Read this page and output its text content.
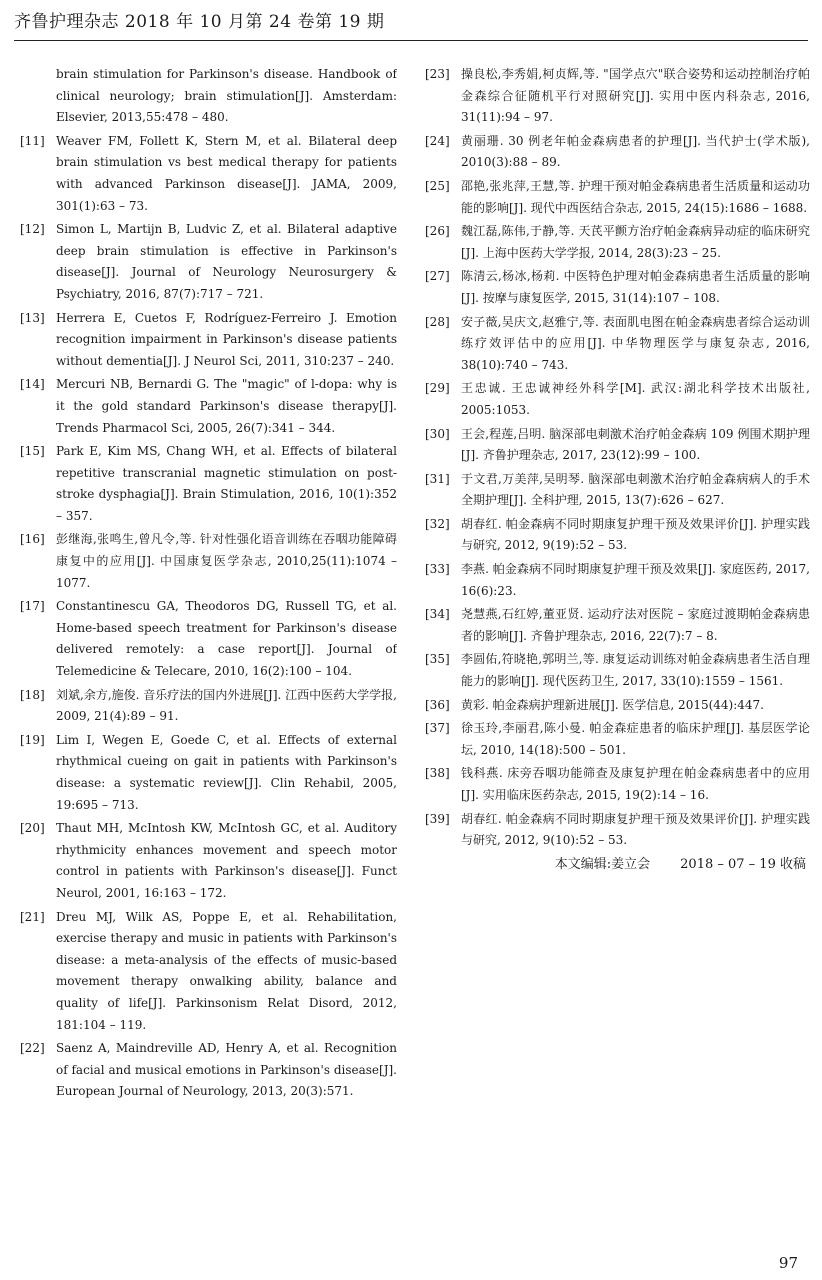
齐鲁护理杂志 2018 年 10 月第 24 卷第 19 期
brain stimulation for Parkinson's disease. Handbook of clinical neurology; brain stimulation[J]. Amsterdam: Elsevier, 2013,55:478 – 480.
[11] Weaver FM, Follett K, Stern M, et al. Bilateral deep brain stimulation vs best medical therapy for patients with advanced Parkinson disease[J]. JAMA, 2009, 301(1):63 – 73.
[12] Simon L, Martijn B, Ludvic Z, et al. Bilateral adaptive deep brain stimulation is effective in Parkinson's disease[J]. Journal of Neurology Neurosurgery & Psychiatry, 2016, 87(7):717 – 721.
[13] Herrera E, Cuetos F, Rodríguez-Ferreiro J. Emotion recognition impairment in Parkinson's disease patients without dementia[J]. J Neurol Sci, 2011, 310:237 – 240.
[14] Mercuri NB, Bernardi G. The "magic" of l-dopa: why is it the gold standard Parkinson's disease therapy[J]. Trends Pharmacol Sci, 2005, 26(7):341 – 344.
[15] Park E, Kim MS, Chang WH, et al. Effects of bilateral repetitive transcranial magnetic stimulation on post-stroke dysphagia[J]. Brain Stimulation, 2016, 10(1):352 – 357.
[16] 彭继海,张鸣生,曾凡令,等. 针对性强化语音训练在吞咽功能障碍康复中的应用[J]. 中国康复医学杂志, 2010,25(11):1074 – 1077.
[17] Constantinescu GA, Theodoros DG, Russell TG, et al. Home-based speech treatment for Parkinson's disease delivered remotely: a case report[J]. Journal of Telemedicine & Telecare, 2010, 16(2):100 – 104.
[18] 刘斌,余方,施俊. 音乐疗法的国内外进展[J]. 江西中医药大学学报, 2009, 21(4):89 – 91.
[19] Lim I, Wegen E, Goede C, et al. Effects of external rhythmical cueing on gait in patients with Parkinson's disease: a systematic review[J]. Clin Rehabil, 2005, 19:695 – 713.
[20] Thaut MH, McIntosh KW, McIntosh GC, et al. Auditory rhythmicity enhances movement and speech motor control in patients with Parkinson's disease[J]. Funct Neurol, 2001, 16:163 – 172.
[21] Dreu MJ, Wilk AS, Poppe E, et al. Rehabilitation, exercise therapy and music in patients with Parkinson's disease: a meta-analysis of the effects of music-based movement therapy onwalking ability, balance and quality of life[J]. Parkinsonism Relat Disord, 2012, 181:104 – 119.
[22] Saenz A, Maindreville AD, Henry A, et al. Recognition of facial and musical emotions in Parkinson's disease[J]. European Journal of Neurology, 2013, 20(3):571.
[23] 操良松,李秀娟,柯贞辉,等. "国学点穴"联合姿势和运动控制治疗帕金森综合征随机平行对照研究[J]. 实用中医内科杂志, 2016, 31(11):94 – 97.
[24] 黄丽珊. 30 例老年帕金森病患者的护理[J]. 当代护士(学术版), 2010(3):88 – 89.
[25] 邵艳,张兆萍,王慧,等. 护理干预对帕金森病患者生活质量和运动功能的影响[J]. 现代中西医结合杂志, 2015, 24(15):1686 – 1688.
[26] 魏江磊,陈伟,于静,等. 天芪平颤方治疗帕金森病异动症的临床研究[J]. 上海中医药大学学报, 2014, 28(3):23 – 25.
[27] 陈清云,杨冰,杨莉. 中医特色护理对帕金森病患者生活质量的影响[J]. 按摩与康复医学, 2015, 31(14):107 – 108.
[28] 安子薇,吴庆文,赵雅宁,等. 表面肌电图在帕金森病患者综合运动训练疗效评估中的应用[J]. 中华物理医学与康复杂志, 2016, 38(10):740 – 743.
[29] 王忠诚. 王忠诚神经外科学[M]. 武汉:湖北科学技术出版社, 2005:1053.
[30] 王会,程莲,吕明. 脑深部电刺激术治疗帕金森病 109 例围术期护理[J]. 齐鲁护理杂志, 2017, 23(12):99 – 100.
[31] 于文君,万美萍,吴明琴. 脑深部电刺激术治疗帕金森病病人的手术全期护理[J]. 全科护理, 2015, 13(7):626 – 627.
[32] 胡春红. 帕金森病不同时期康复护理干预及效果评价[J]. 护理实践与研究, 2012, 9(19):52 – 53.
[33] 李燕. 帕金森病不同时期康复护理干预及效果[J]. 家庭医药, 2017, 16(6):23.
[34] 尧慧燕,石红婷,董亚贤. 运动疗法对医院 – 家庭过渡期帕金森病患者的影响[J]. 齐鲁护理杂志, 2016, 22(7):7 – 8.
[35] 李圆佑,符晓艳,郭明兰,等. 康复运动训练对帕金森病患者生活自理能力的影响[J]. 现代医药卫生, 2017, 33(10):1559 – 1561.
[36] 黄彩. 帕金森病护理新进展[J]. 医学信息, 2015(44):447.
[37] 徐玉玲,李丽君,陈小曼. 帕金森症患者的临床护理[J]. 基层医学论坛, 2010, 14(18):500 – 501.
[38] 钱科燕. 床旁吞咽功能筛查及康复护理在帕金森病患者中的应用[J]. 实用临床医药杂志, 2015, 19(2):14 – 16.
[39] 胡春红. 帕金森病不同时期康复护理干预及效果评价[J]. 护理实践与研究, 2012, 9(10):52 – 53.
本文编辑:姜立会 2018 – 07 – 19 收稿
97
